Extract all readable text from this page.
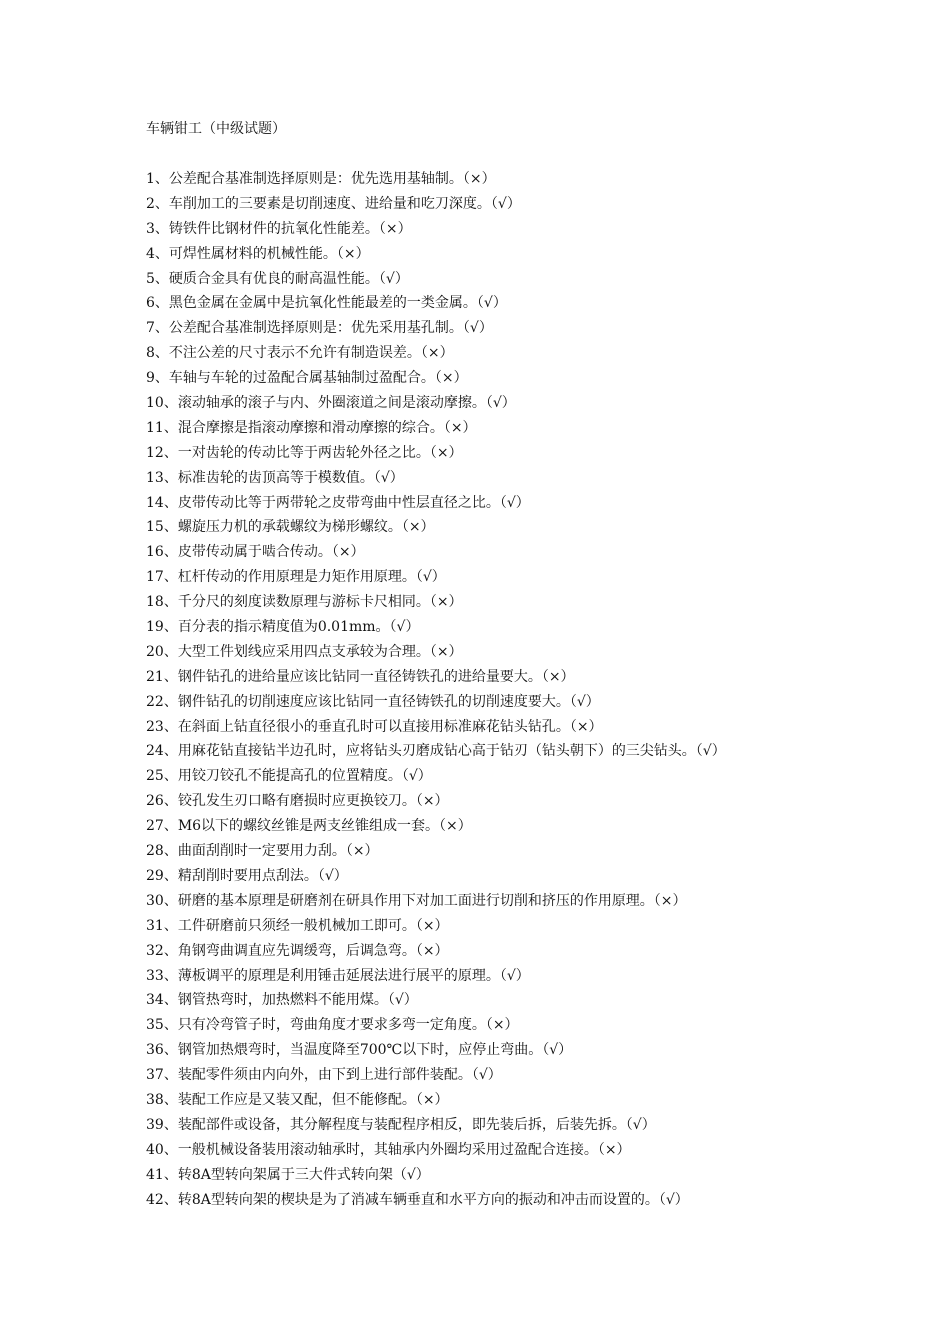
车辆钳工（中级试题）
1、公差配合基准制选择原则是：优先选用基轴制。（×）
2、车削加工的三要素是切削速度、进给量和吃刀深度。（√）
3、铸铁件比钢材件的抗氧化性能差。（×）
4、可焊性属材料的机械性能。（×）
5、硬质合金具有优良的耐高温性能。（√）
6、黑色金属在金属中是抗氧化性能最差的一类金属。（√）
7、公差配合基准制选择原则是：优先采用基孔制。（√）
8、不注公差的尺寸表示不允许有制造误差。（×）
9、车轴与车轮的过盈配合属基轴制过盈配合。（×）
10、滚动轴承的滚子与内、外圈滚道之间是滚动摩擦。（√）
11、混合摩擦是指滚动摩擦和滑动摩擦的综合。（×）
12、一对齿轮的传动比等于两齿轮外径之比。（×）
13、标准齿轮的齿顶高等于模数值。（√）
14、皮带传动比等于两带轮之皮带弯曲中性层直径之比。（√）
15、螺旋压力机的承载螺纹为梯形螺纹。（×）
16、皮带传动属于啮合传动。（×）
17、杠杆传动的作用原理是力矩作用原理。（√）
18、千分尺的刻度读数原理与游标卡尺相同。（×）
19、百分表的指示精度值为0.01mm。（√）
20、大型工件划线应采用四点支承较为合理。（×）
21、钢件钻孔的进给量应该比钻同一直径铸铁孔的进给量要大。（×）
22、钢件钻孔的切削速度应该比钻同一直径铸铁孔的切削速度要大。（√）
23、在斜面上钻直径很小的垂直孔时可以直接用标准麻花钻头钻孔。（×）
24、用麻花钻直接钻半边孔时，应将钻头刃磨成钻心高于钻刃（钻头朝下）的三尖钻头。（√）
25、用铰刀铰孔不能提高孔的位置精度。（√）
26、铰孔发生刃口略有磨损时应更换铰刀。（×）
27、M6以下的螺纹丝锥是两支丝锥组成一套。（×）
28、曲面刮削时一定要用力刮。（×）
29、精刮削时要用点刮法。（√）
30、研磨的基本原理是研磨剂在研具作用下对加工面进行切削和挤压的作用原理。（×）
31、工件研磨前只须经一般机械加工即可。（×）
32、角钢弯曲调直应先调缓弯，后调急弯。（×）
33、薄板调平的原理是利用锤击延展法进行展平的原理。（√）
34、钢管热弯时，加热燃料不能用煤。（√）
35、只有冷弯管子时，弯曲角度才要求多弯一定角度。（×）
36、钢管加热煨弯时，当温度降至700℃以下时，应停止弯曲。（√）
37、装配零件须由内向外，由下到上进行部件装配。（√）
38、装配工作应是又装又配，但不能修配。（×）
39、装配部件或设备，其分解程度与装配程序相反，即先装后拆，后装先拆。（√）
40、一般机械设备装用滚动轴承时，其轴承内外圈均采用过盈配合连接。（×）
41、转8A型转向架属于三大件式转向架（√）
42、转8A型转向架的楔块是为了消减车辆垂直和水平方向的振动和冲击而设置的。（√）
